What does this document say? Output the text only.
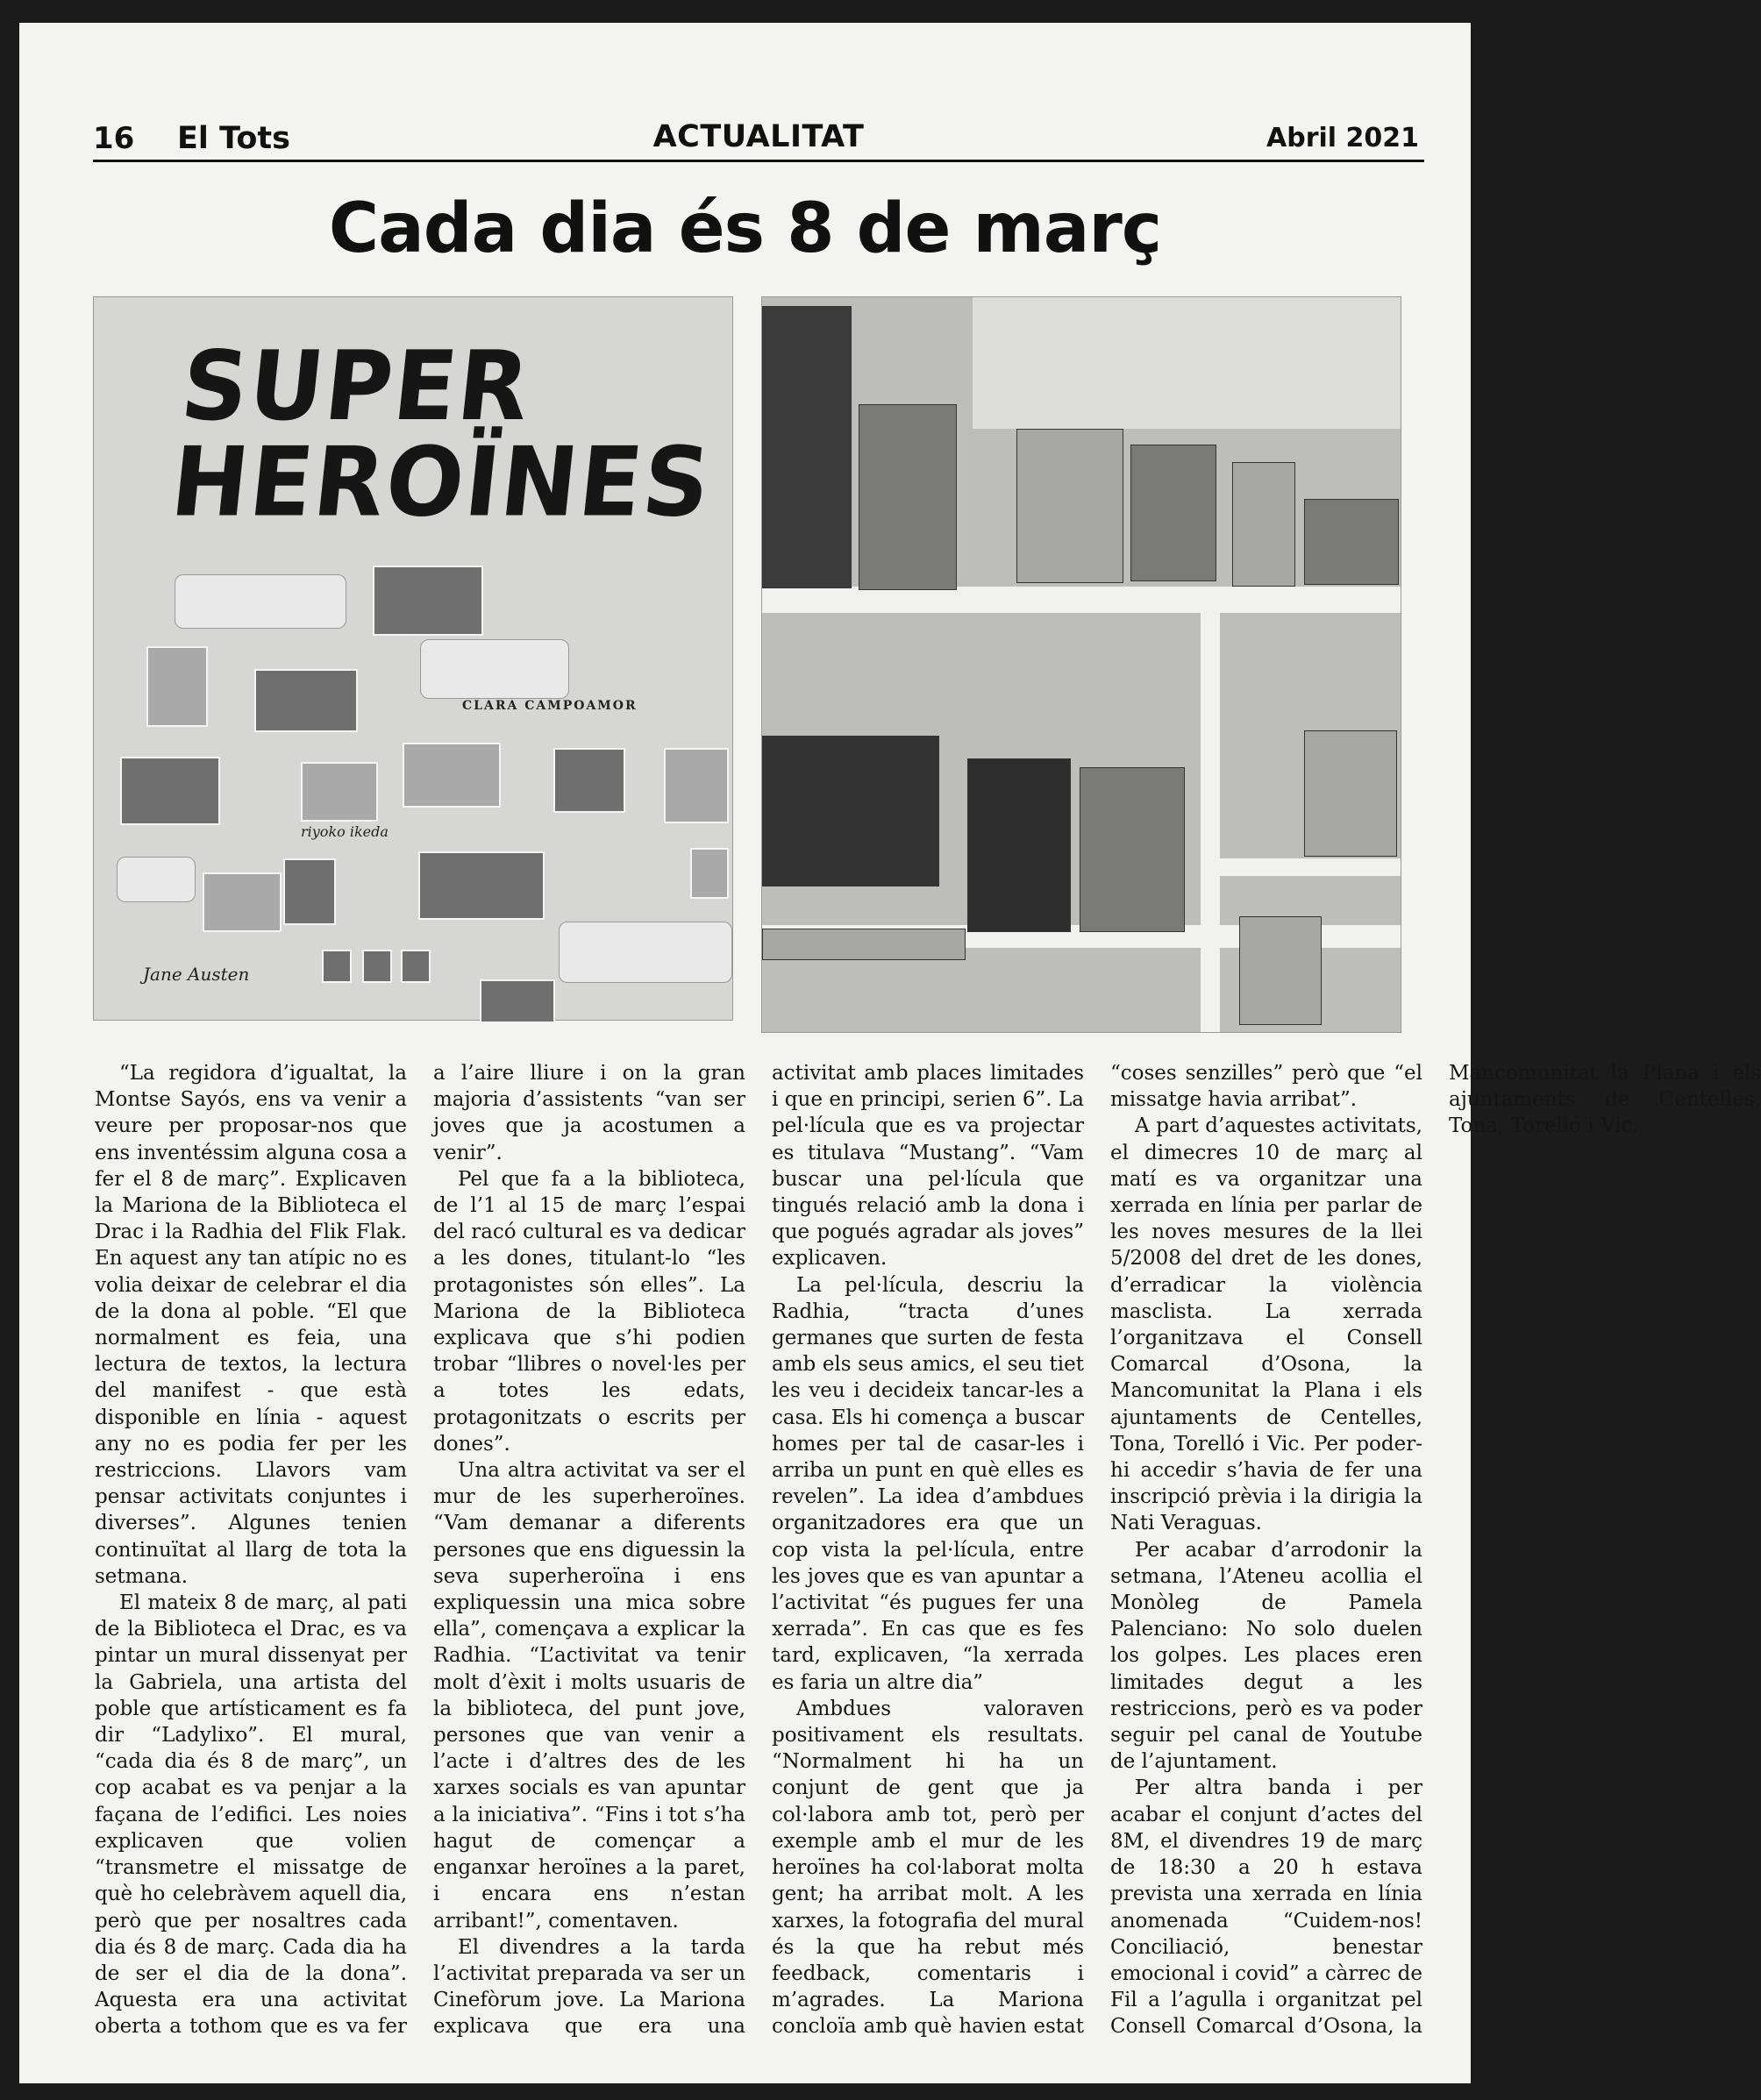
16 El Tots	ACTUALITAT	Abril 2021
Cada dia és 8 de març
SUPER
HEROÏNES
CLARA CAMPOAMOR
riyoko ikeda
Jane Austen

“La regidora d’igualtat, la Montse Sayós, ens va venir a veure per proposar-nos que ens inventéssim alguna cosa a fer el 8 de març”. Explicaven la Mariona de la Biblioteca el Drac i la Radhia del Flik Flak. En aquest any tan atípic no es volia deixar de celebrar el dia de la dona al poble. “El que normalment es feia, una lectura de textos, la lectura del manifest - que està disponible en línia - aquest any no es podia fer per les restriccions. Llavors vam pensar activitats conjuntes i diverses”. Algunes tenien continuïtat al llarg de tota la setmana.

El mateix 8 de març, al pati de la Biblioteca el Drac, es va pintar un mural dissenyat per la Gabriela, una artista del poble que artísticament es fa dir “Ladylixo”. El mural, “cada dia és 8 de març”, un cop acabat es va penjar a la façana de l’edifici. Les noies explicaven que volien “transmetre el missatge de què ho celebràvem aquell dia, però que per nosaltres cada dia és 8 de març. Cada dia ha de ser el dia de la dona”. Aquesta era una activitat oberta a tothom que es va fer a l’aire lliure i on la gran majoria d’assistents “van ser joves que ja acostumen a venir”.

Pel que fa a la biblioteca, de l’1 al 15 de març l’espai del racó cultural es va dedicar a les dones, titulant-lo “les protagonistes són elles”. La Mariona de la Biblioteca explicava que s’hi podien trobar “llibres o novel·les per a totes les edats, protagonitzats o escrits per dones”.

Una altra activitat va ser el mur de les superheroïnes. “Vam demanar a diferents persones que ens diguessin la seva superheroïna i ens expliquessin una mica sobre ella”, començava a explicar la Radhia. “L’activitat va tenir molt d’èxit i molts usuaris de la biblioteca, del punt jove, persones que van venir a l’acte i d’altres des de les xarxes socials es van apuntar a la iniciativa”. “Fins i tot s’ha hagut de començar a enganxar heroïnes a la paret, i encara ens n’estan arribant!”, comentaven.

El divendres a la tarda l’activitat preparada va ser un Cinefòrum jove. La Mariona explicava que era una activitat amb places limitades i que en principi, serien 6”. La pel·lícula que es va projectar es titulava “Mustang”. “Vam buscar una pel·lícula que tingués relació amb la dona i que pogués agradar als joves” explicaven.

La pel·lícula, descriu la Radhia, “tracta d’unes germanes que surten de festa amb els seus amics, el seu tiet les veu i decideix tancar-les a casa. Els hi comença a buscar homes per tal de casar-les i arriba un punt en què elles es revelen”. La idea d’ambdues organitzadores era que un cop vista la pel·lícula, entre les joves que es van apuntar a l’activitat “és pugues fer una xerrada”. En cas que es fes tard, explicaven, “la xerrada es faria un altre dia”

Ambdues valoraven positivament els resultats. “Normalment hi ha un conjunt de gent que ja col·labora amb tot, però per exemple amb el mur de les heroïnes ha col·laborat molta gent; ha arribat molt. A les xarxes, la fotografia del mural és la que ha rebut més feedback, comentaris i m’agrades. La Mariona concloïa amb què havien estat “coses senzilles” però que “el missatge havia arribat”.

A part d’aquestes activitats, el dimecres 10 de març al matí es va organitzar una xerrada en línia per parlar de les noves mesures de la llei 5/2008 del dret de les dones, d’erradicar la violència masclista. La xerrada l’organitzava el Consell Comarcal d’Osona, la Mancomunitat la Plana i els ajuntaments de Centelles, Tona, Torelló i Vic. Per poder-hi accedir s’havia de fer una inscripció prèvia i la dirigia la Nati Veraguas.

Per acabar d’arrodonir la setmana, l’Ateneu acollia el Monòleg de Pamela Palenciano: No solo duelen los golpes. Les places eren limitades degut a les restriccions, però es va poder seguir pel canal de Youtube de l’ajuntament.

Per altra banda i per acabar el conjunt d’actes del 8M, el divendres 19 de març de 18:30 a 20 h estava prevista una xerrada en línia anomenada “Cuidem-nos! Conciliació, benestar emocional i covid” a càrrec de Fil a l’agulla i organitzat pel Consell Comarcal d’Osona, la Mancomunitat la Plana i els ajuntaments de Centelles, Tona, Torelló i Vic.
